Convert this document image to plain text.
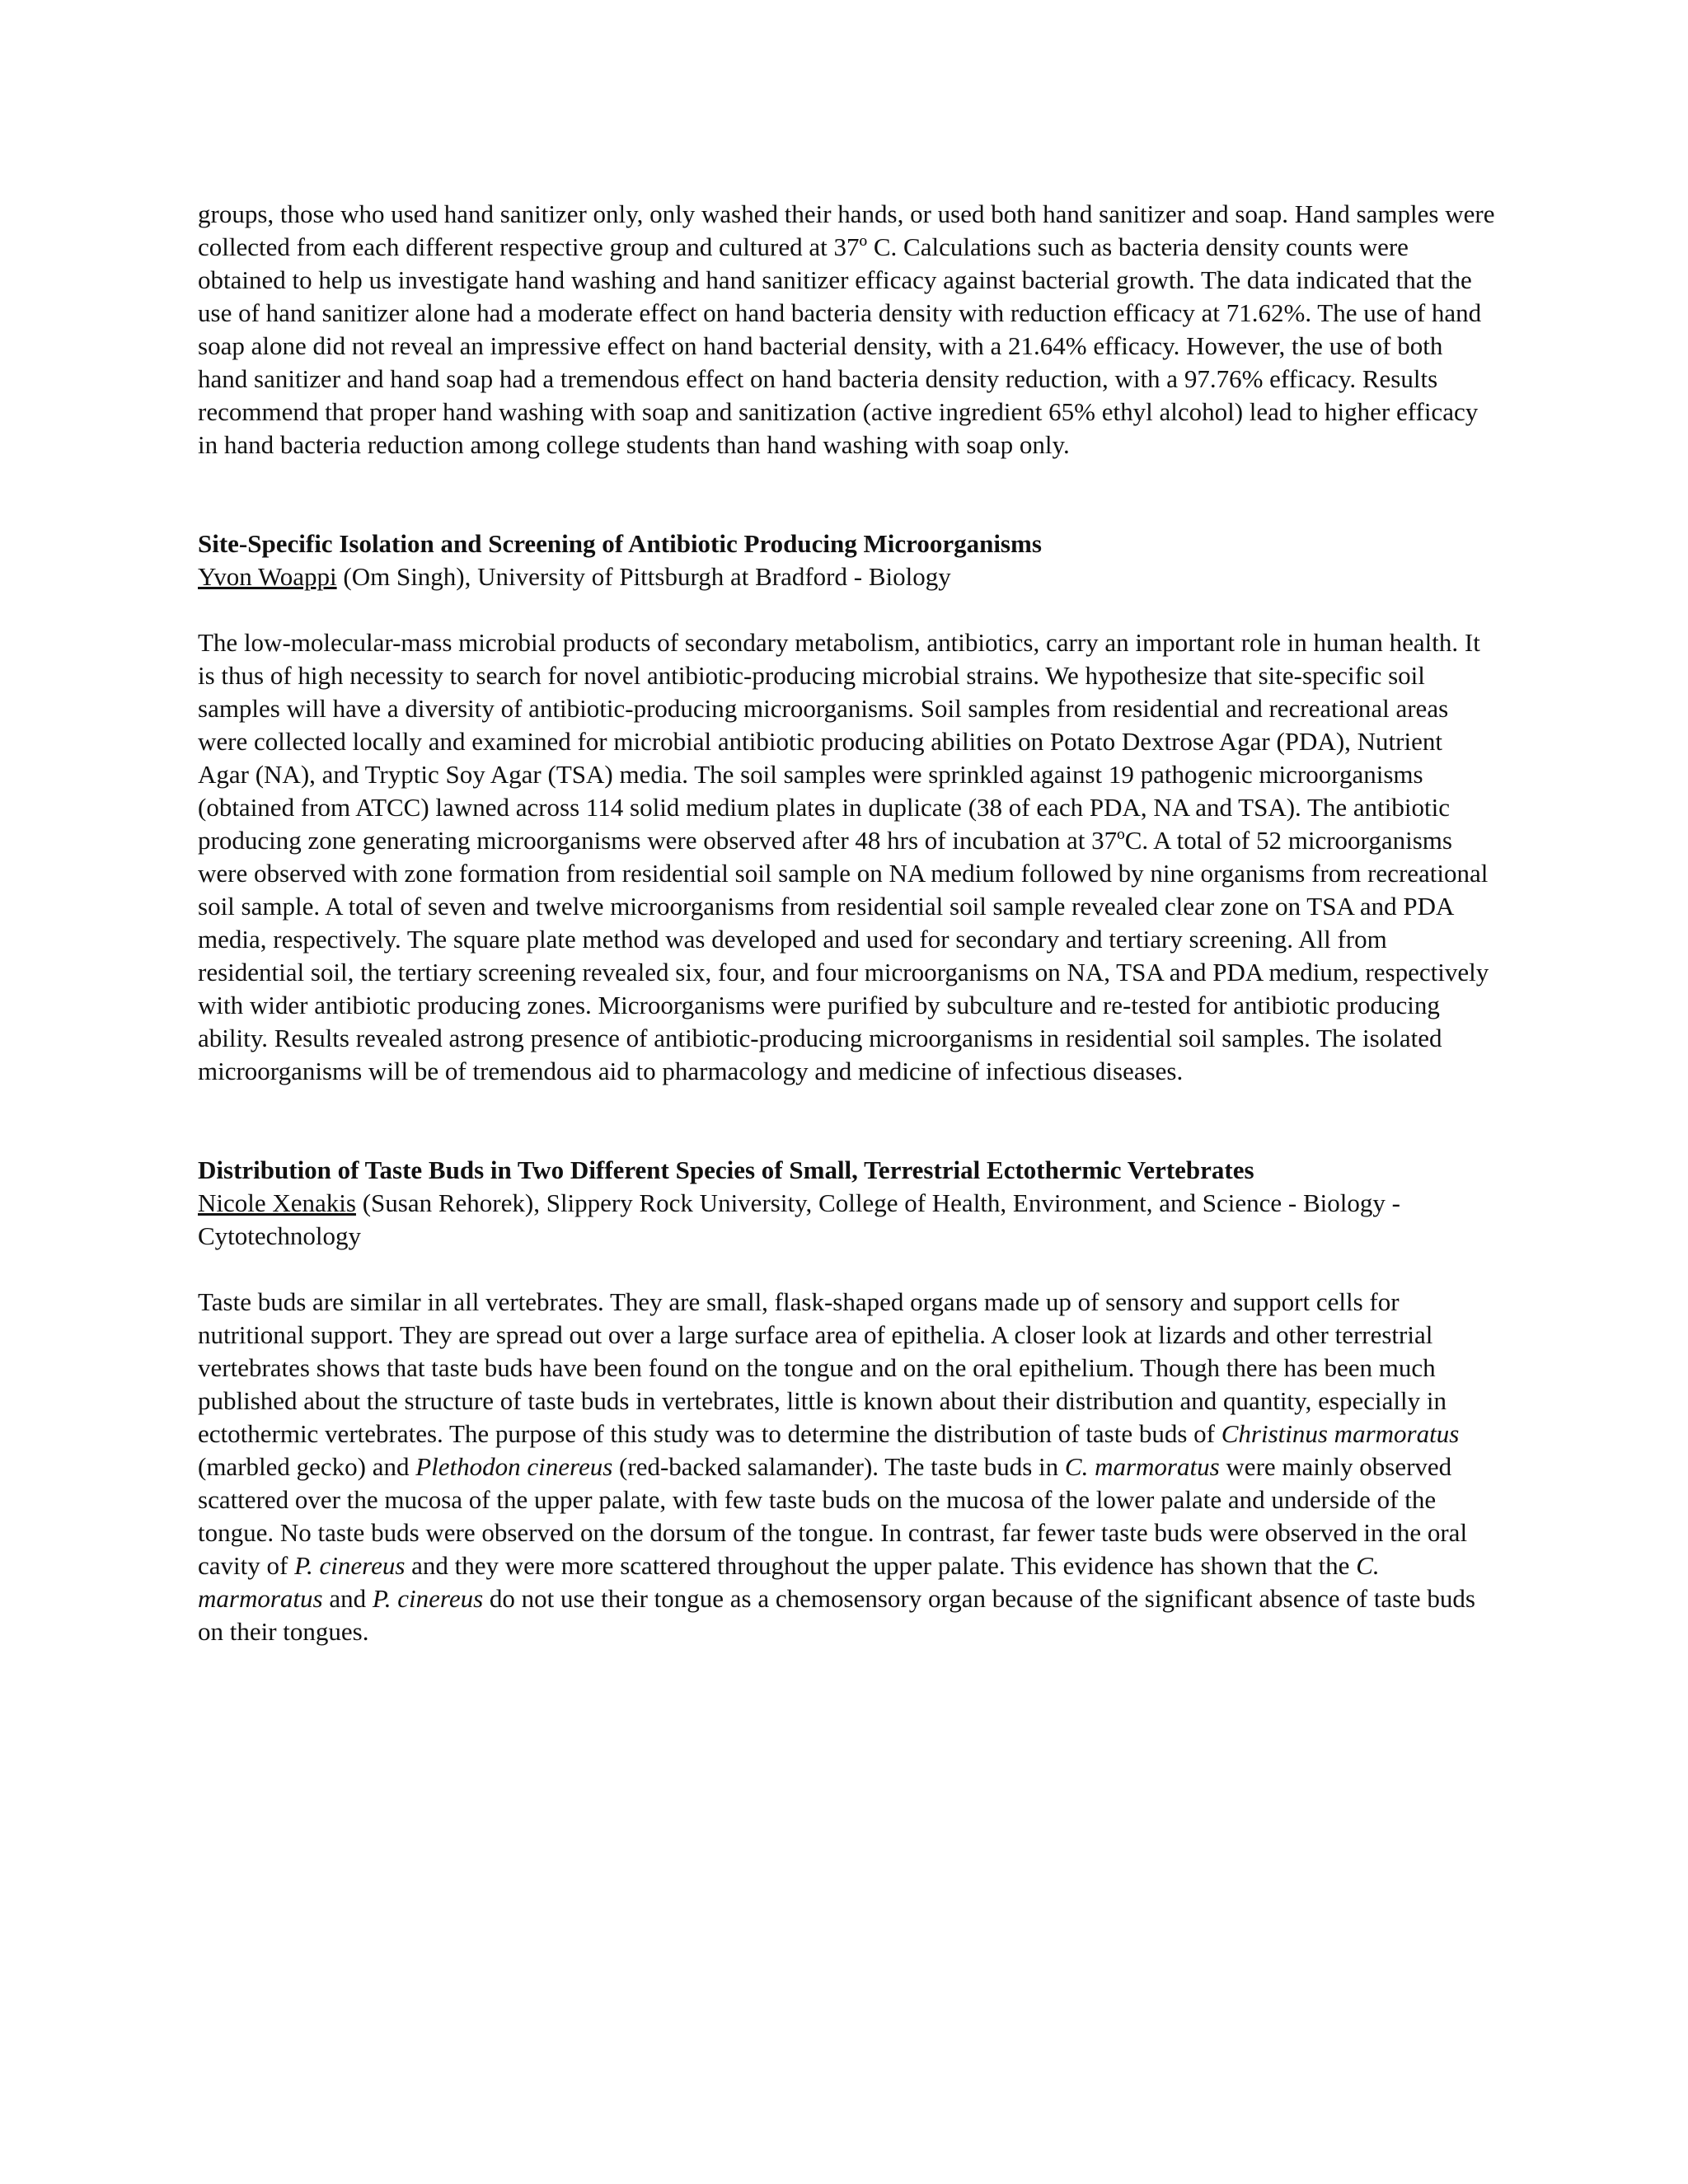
groups, those who used hand sanitizer only, only washed their hands, or used both hand sanitizer and soap. Hand samples were collected from each different respective group and cultured at 37º C. Calculations such as bacteria density counts were obtained to help us investigate hand washing and hand sanitizer efficacy against bacterial growth. The data indicated that the use of hand sanitizer alone had a moderate effect on hand bacteria density with reduction efficacy at 71.62%. The use of hand soap alone did not reveal an impressive effect on hand bacterial density, with a 21.64% efficacy. However, the use of both hand sanitizer and hand soap had a tremendous effect on hand bacteria density reduction, with a 97.76% efficacy. Results recommend that proper hand washing with soap and sanitization (active ingredient 65% ethyl alcohol) lead to higher efficacy in hand bacteria reduction among college students than hand washing with soap only.

Site-Specific Isolation and Screening of Antibiotic Producing Microorganisms

Yvon Woappi (Om Singh), University of Pittsburgh at Bradford - Biology

The low-molecular-mass microbial products of secondary metabolism, antibiotics, carry an important role in human health. It is thus of high necessity to search for novel antibiotic-producing microbial strains. We hypothesize that site-specific soil samples will have a diversity of antibiotic-producing microorganisms. Soil samples from residential and recreational areas were collected locally and examined for microbial antibiotic producing abilities on Potato Dextrose Agar (PDA), Nutrient Agar (NA), and Tryptic Soy Agar (TSA) media. The soil samples were sprinkled against 19 pathogenic microorganisms (obtained from ATCC) lawned across 114 solid medium plates in duplicate (38 of each PDA, NA and TSA). The antibiotic producing zone generating microorganisms were observed after 48 hrs of incubation at 37ºC. A total of 52 microorganisms were observed with zone formation from residential soil sample on NA medium followed by nine organisms from recreational soil sample. A total of seven and twelve microorganisms from residential soil sample revealed clear zone on TSA and PDA media, respectively. The square plate method was developed and used for secondary and tertiary screening. All from residential soil, the tertiary screening revealed six, four, and four microorganisms on NA, TSA and PDA medium, respectively with wider antibiotic producing zones. Microorganisms were purified by subculture and re-tested for antibiotic producing ability. Results revealed astrong presence of antibiotic-producing microorganisms in residential soil samples. The isolated microorganisms will be of tremendous aid to pharmacology and medicine of infectious diseases.

Distribution of Taste Buds in Two Different Species of Small, Terrestrial Ectothermic Vertebrates

Nicole Xenakis (Susan Rehorek), Slippery Rock University, College of Health, Environment, and Science - Biology - Cytotechnology

Taste buds are similar in all vertebrates. They are small, flask-shaped organs made up of sensory and support cells for nutritional support. They are spread out over a large surface area of epithelia. A closer look at lizards and other terrestrial vertebrates shows that taste buds have been found on the tongue and on the oral epithelium. Though there has been much published about the structure of taste buds in vertebrates, little is known about their distribution and quantity, especially in ectothermic vertebrates. The purpose of this study was to determine the distribution of taste buds of Christinus marmoratus (marbled gecko) and Plethodon cinereus (red-backed salamander). The taste buds in C. marmoratus were mainly observed scattered over the mucosa of the upper palate, with few taste buds on the mucosa of the lower palate and underside of the tongue. No taste buds were observed on the dorsum of the tongue. In contrast, far fewer taste buds were observed in the oral cavity of P. cinereus and they were more scattered throughout the upper palate. This evidence has shown that the C. marmoratus and P. cinereus do not use their tongue as a chemosensory organ because of the significant absence of taste buds on their tongues.
